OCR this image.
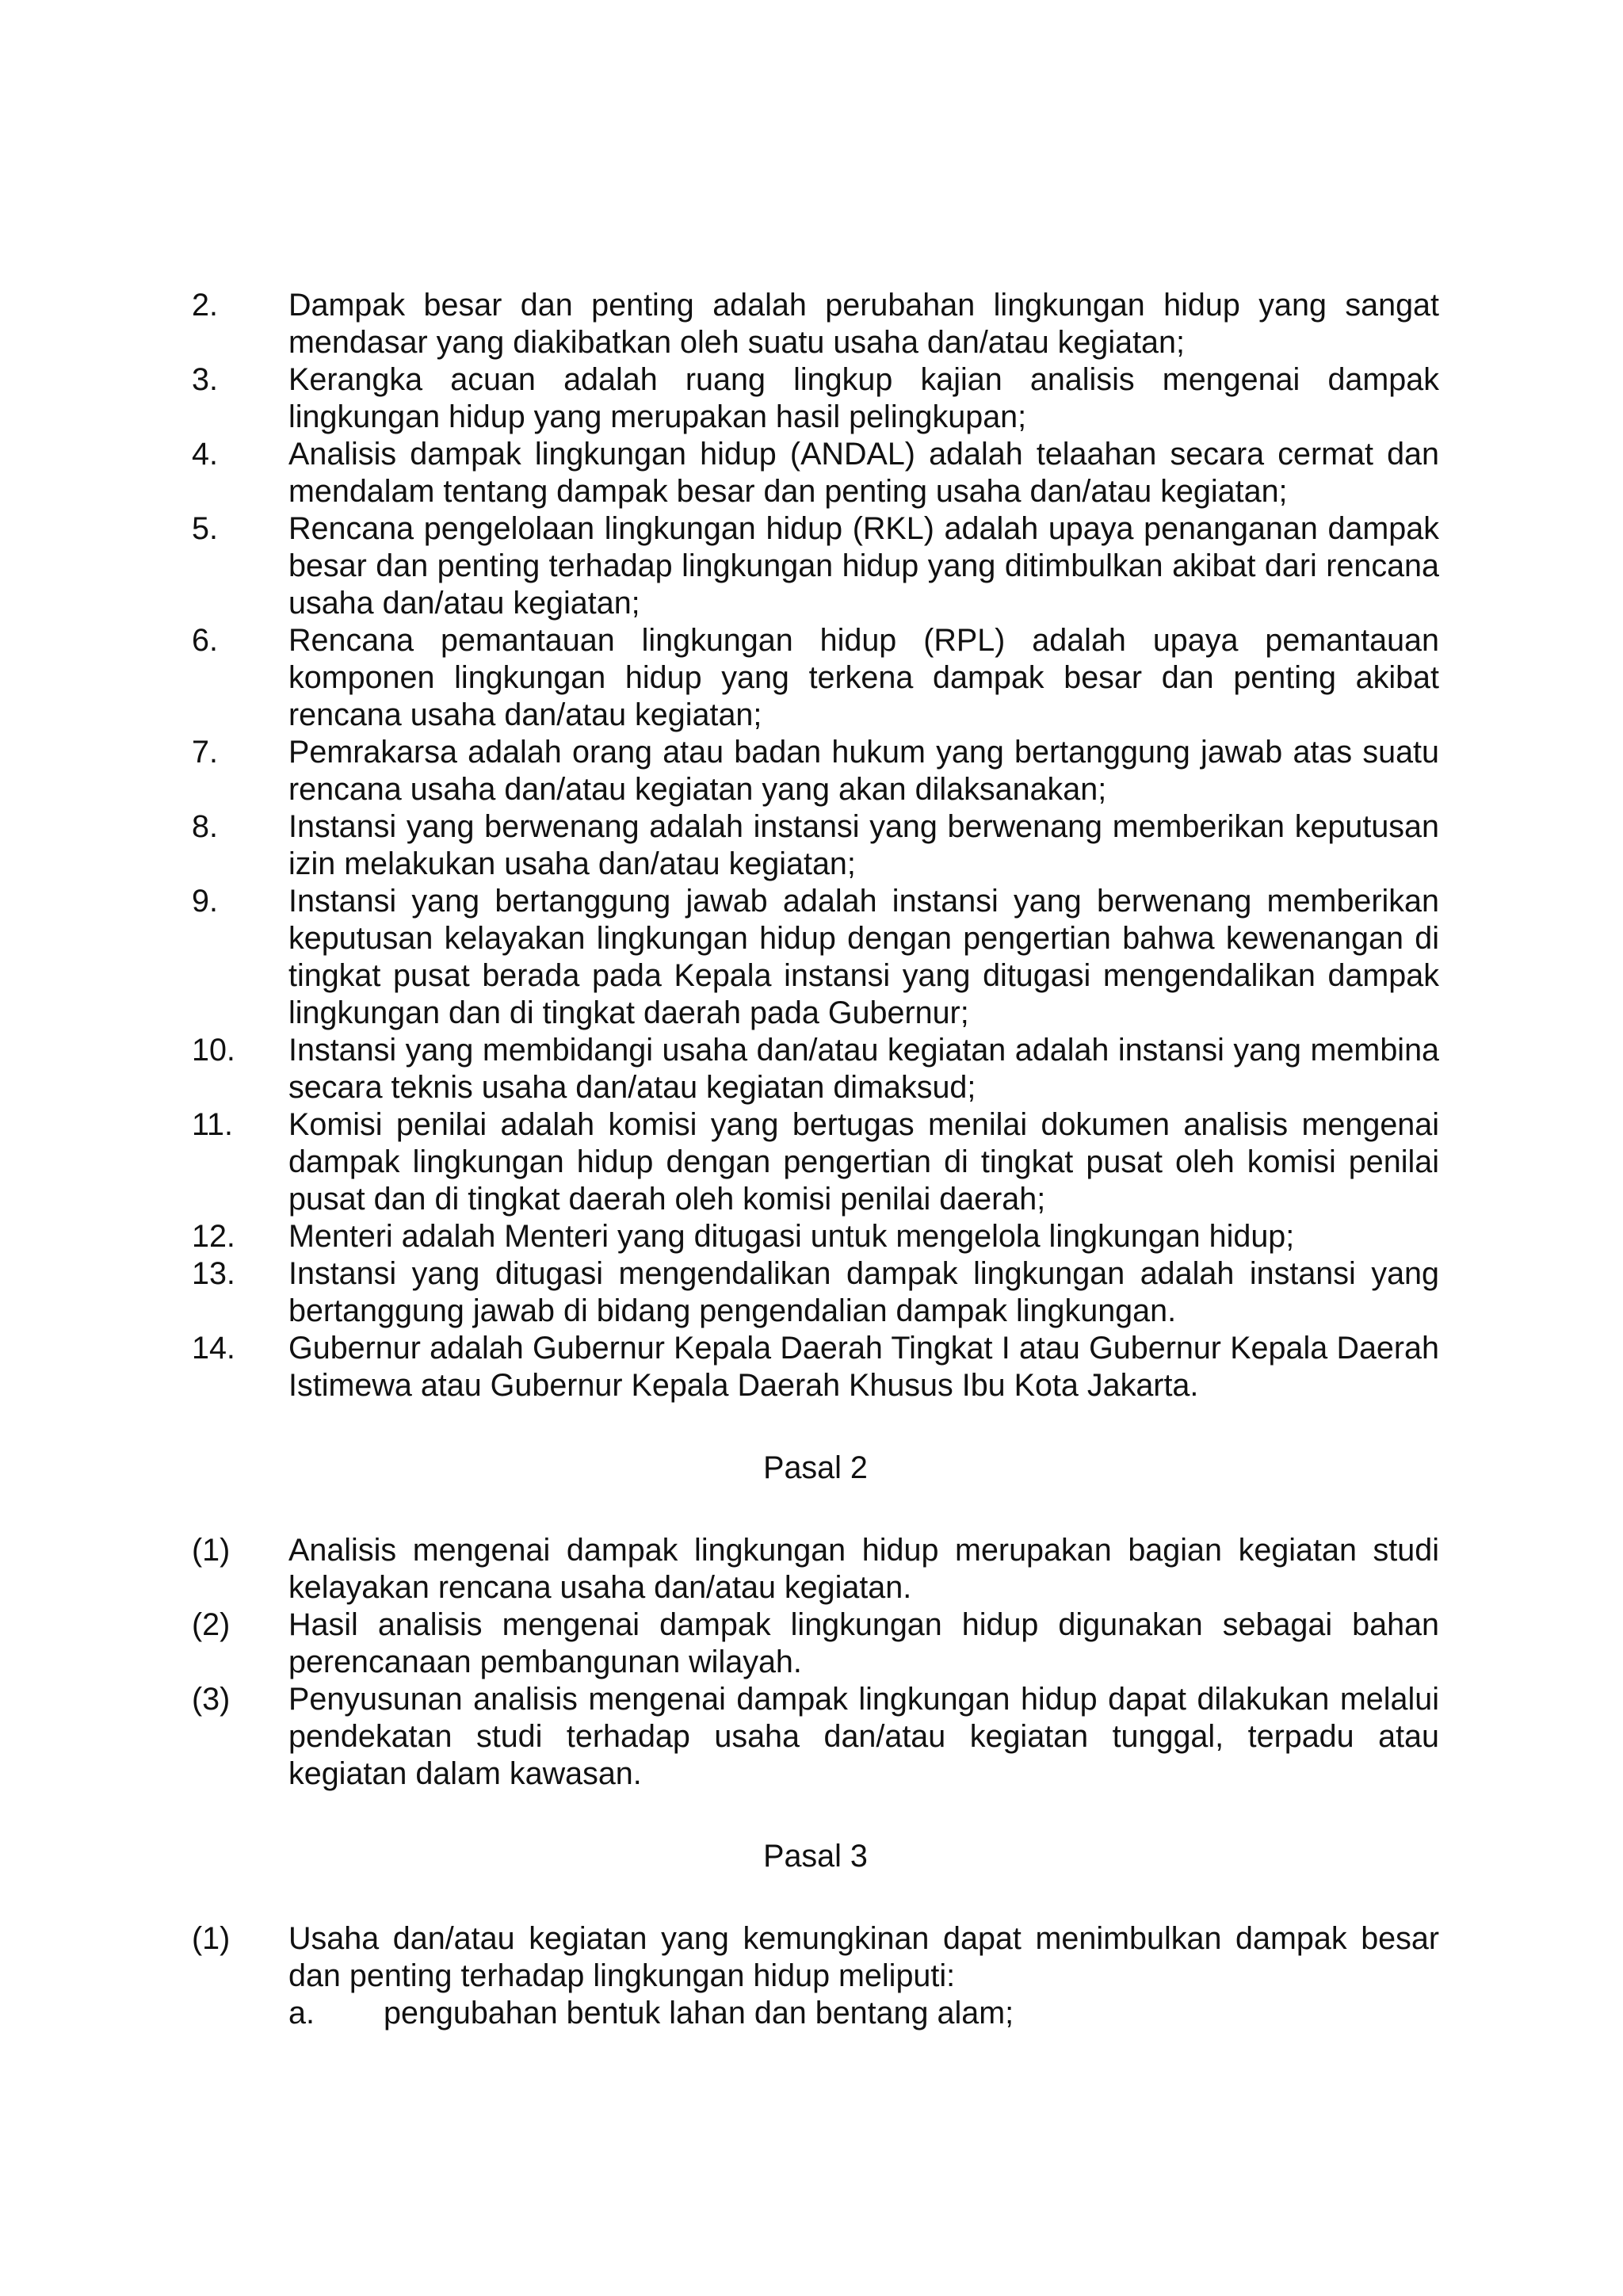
2.	Dampak besar dan penting adalah perubahan lingkungan hidup yang sangat mendasar yang diakibatkan oleh suatu usaha dan/atau kegiatan;
3.	Kerangka acuan adalah ruang lingkup kajian analisis mengenai dampak lingkungan hidup yang merupakan hasil pelingkupan;
4.	Analisis dampak lingkungan hidup (ANDAL) adalah telaahan secara cermat dan mendalam tentang dampak besar dan penting usaha dan/atau kegiatan;
5.	Rencana pengelolaan lingkungan hidup (RKL) adalah upaya penanganan dampak besar dan penting terhadap lingkungan hidup yang ditimbulkan akibat dari rencana usaha dan/atau kegiatan;
6.	Rencana pemantauan lingkungan hidup (RPL) adalah upaya pemantauan komponen lingkungan hidup yang terkena dampak besar dan penting akibat rencana usaha dan/atau kegiatan;
7.	Pemrakarsa adalah orang atau badan hukum yang bertanggung jawab atas suatu rencana usaha dan/atau kegiatan yang akan dilaksanakan;
8.	Instansi yang berwenang adalah instansi yang berwenang memberikan keputusan izin melakukan usaha dan/atau kegiatan;
9.	Instansi yang bertanggung jawab adalah instansi yang berwenang memberikan keputusan kelayakan lingkungan hidup dengan pengertian bahwa kewenangan di tingkat pusat berada pada Kepala instansi yang ditugasi mengendalikan dampak lingkungan dan di tingkat daerah pada Gubernur;
10.	Instansi yang membidangi usaha dan/atau kegiatan adalah instansi yang membina secara teknis usaha dan/atau kegiatan dimaksud;
11.	Komisi penilai adalah komisi yang bertugas menilai dokumen analisis mengenai dampak lingkungan hidup dengan pengertian di tingkat pusat oleh komisi penilai pusat dan di tingkat daerah oleh komisi penilai daerah;
12.	Menteri adalah Menteri yang ditugasi untuk mengelola lingkungan hidup;
13.	Instansi yang ditugasi mengendalikan dampak lingkungan adalah instansi yang bertanggung jawab di bidang pengendalian dampak lingkungan.
14.	Gubernur adalah Gubernur Kepala Daerah Tingkat I atau Gubernur Kepala Daerah Istimewa atau Gubernur Kepala Daerah Khusus Ibu Kota Jakarta.
Pasal 2
(1)	Analisis mengenai dampak lingkungan hidup merupakan bagian kegiatan studi kelayakan rencana usaha dan/atau kegiatan.
(2)	Hasil analisis mengenai dampak lingkungan hidup digunakan sebagai bahan perencanaan pembangunan wilayah.
(3)	Penyusunan analisis mengenai dampak lingkungan hidup dapat dilakukan melalui pendekatan studi terhadap usaha dan/atau kegiatan tunggal, terpadu atau kegiatan dalam kawasan.
Pasal 3
(1)	Usaha dan/atau kegiatan yang kemungkinan dapat menimbulkan dampak besar dan penting terhadap lingkungan hidup meliputi:
a.	pengubahan bentuk lahan dan bentang alam;
